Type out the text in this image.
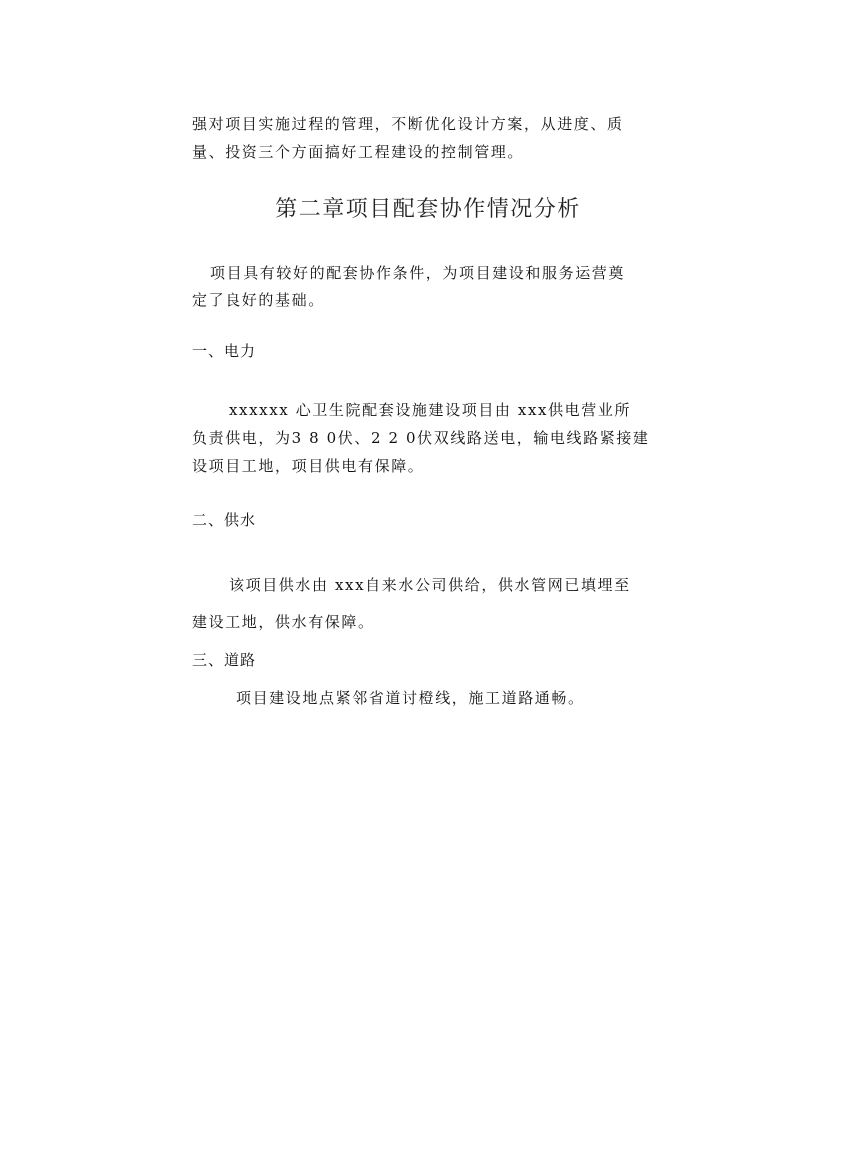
强对项目实施过程的管理，不断优化设计方案，从进度、质
量、投资三个方面搞好工程建设的控制管理。
第二章项目配套协作情况分析
项目具有较好的配套协作条件，为项目建设和服务运营奠
定了良好的基础。
一、电力
xxxxxx 心卫生院配套设施建设项目由 xxx供电营业所
负责供电，为3 8 0伏、2 2 0伏双线路送电，输电线路紧接建
设项目工地，项目供电有保障。
二、供水
该项目供水由 xxx自来水公司供给，供水管网已填埋至
建设工地，供水有保障。
三、道路
项目建设地点紧邻省道讨橙线，施工道路通畅。
